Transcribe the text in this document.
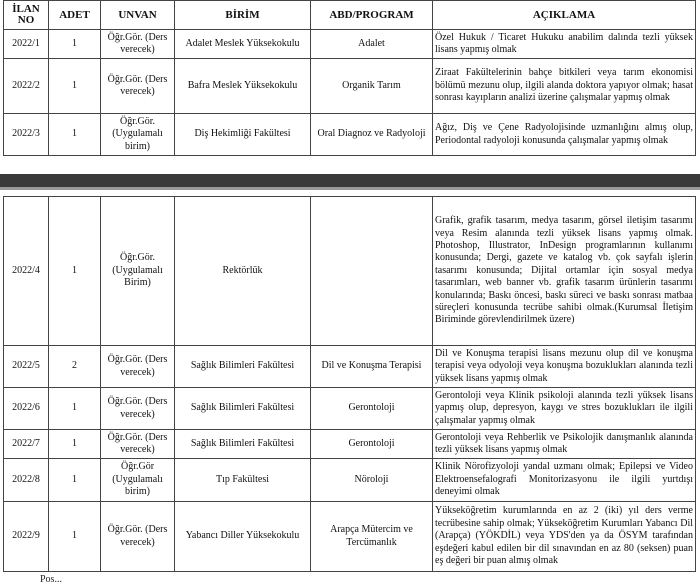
İLAN NO	ADET	UNVAN	BİRİM	ABD/PROGRAM	AÇIKLAMA
2022/1	1	Öğr.Gör. (Ders verecek)	Adalet Meslek Yüksekokulu	Adalet	Özel Hukuk / Ticaret Hukuku anabilim dalında tezli yüksek lisans yapmış olmak
2022/2	1	Öğr.Gör. (Ders verecek)	Bafra Meslek Yüksekokulu	Organik Tarım	Ziraat Fakültelerinin bahçe bitkileri veya tarım ekonomisi bölümü mezunu olup, ilgili alanda doktora yapıyor olmak; hasat sonrası kayıpların analizi üzerine çalışmalar yapmış olmak
2022/3	1	Öğr.Gör. (Uygulamalı birim)	Diş Hekimliği Fakültesi	Oral Diagnoz ve Radyoloji	Ağız, Diş ve Çene Radyolojisinde uzmanlığını almış olup, Periodontal radyoloji konusunda çalışmalar yapmış olmak
2022/4	1	Öğr.Gör. (Uygulamalı Birim)	Rektörlük		Grafik, grafik tasarım, medya tasarım, görsel iletişim tasarımı veya Resim alanında tezli yüksek lisans yapmış olmak. Photoshop, Illustrator, InDesign programlarının kullanımı konusunda; Dergi, gazete ve katalog vb. çok sayfalı işlerin tasarımı konusunda; Dijital ortamlar için sosyal medya tasarımları, web banner vb. grafik tasarım ürünlerin tasarımı konularında; Baskı öncesi, baskı süreci ve baskı sonrası matbaa süreçleri konusunda tecrübe sahibi olmak.(Kurumsal İletişim Biriminde görevlendirilmek üzere)
2022/5	2	Öğr.Gör. (Ders verecek)	Sağlık Bilimleri Fakültesi	Dil ve Konuşma Terapisi	Dil ve Konuşma terapisi lisans mezunu olup dil ve konuşma terapisi veya odyoloji veya konuşma bozuklukları alanında tezli yüksek lisans yapmış olmak
2022/6	1	Öğr.Gör. (Ders verecek)	Sağlık Bilimleri Fakültesi	Gerontoloji	Gerontoloji veya Klinik psikoloji alanında tezli yüksek lisans yapmış olup, depresyon, kaygı ve stres bozuklukları ile ilgili çalışmalar yapmış olmak
2022/7	1	Öğr.Gör. (Ders verecek)	Sağlık Bilimleri Fakültesi	Gerontoloji	Gerontoloji veya Rehberlik ve Psikolojik danışmanlık alanında tezli yüksek lisans yapmış olmak
2022/8	1	Öğr.Gör (Uygulamalı birim)	Tıp Fakültesi	Nöroloji	Klinik Nörofizyoloji yandal uzmanı olmak; Epilepsi ve Video Elektroensefalografi Monitorizasyonu ile ilgili yurtdışı deneyimi olmak
2022/9	1	Öğr.Gör. (Ders verecek)	Yabancı Diller Yüksekokulu	Arapça Mütercim ve Tercümanlık	Yükseköğretim kurumlarında en az 2 (iki) yıl ders verme tecrübesine sahip olmak; Yükseköğretim Kurumları Yabancı Dil (Arapça) (YÖKDİL) veya YDS'den ya da ÖSYM tarafından eşdeğeri kabul edilen bir dil sınavından en az 80 (seksen) puan eş değeri bir puan almış olmak
Pos...
